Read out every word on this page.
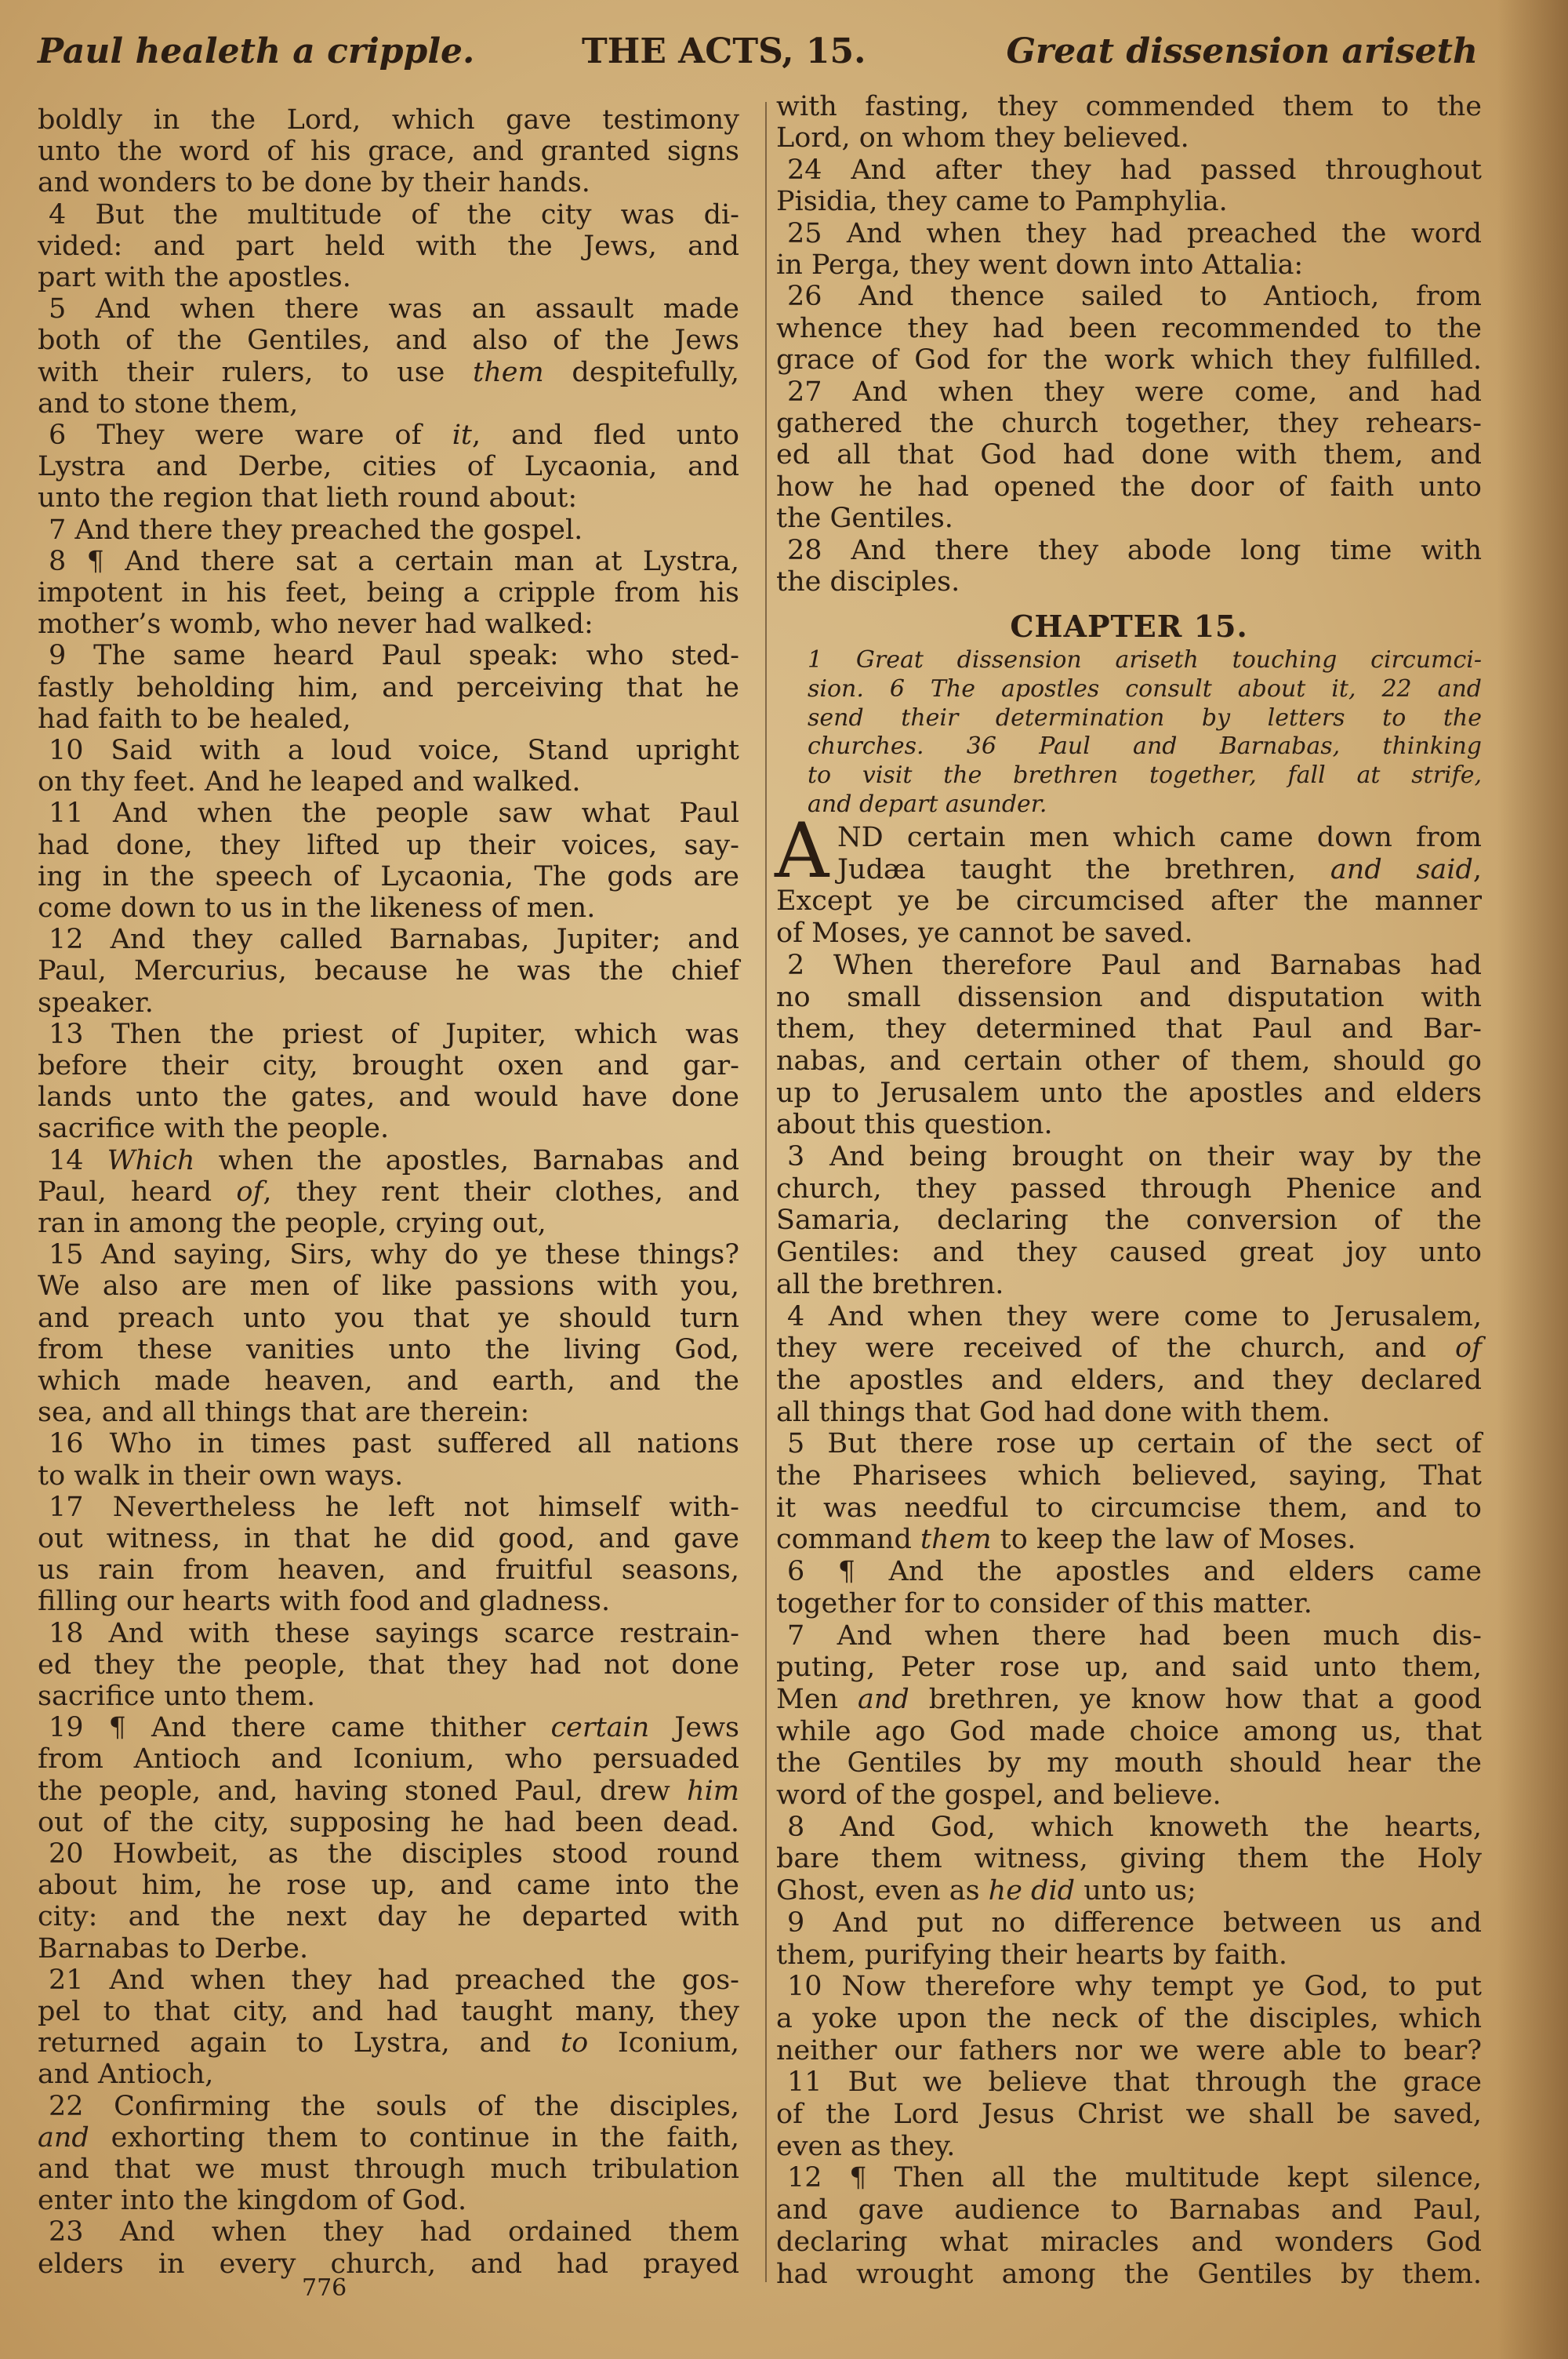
Paul healeth a cripple.	THE ACTS, 15.	Great dissension ariseth
boldly in the Lord, which gave testimony
unto the word of his grace, and granted signs
and wonders to be done by their hands.
4 But the multitude of the city was di-
vided: and part held with the Jews, and
part with the apostles.
5 And when there was an assault made
both of the Gentiles, and also of the Jews
with their rulers, to use them despitefully,
and to stone them,
6 They were ware of it, and fled unto
Lystra and Derbe, cities of Lycaonia, and
unto the region that lieth round about:
7 And there they preached the gospel.
8 ¶ And there sat a certain man at Lystra,
impotent in his feet, being a cripple from his
mother’s womb, who never had walked:
9 The same heard Paul speak: who sted-
fastly beholding him, and perceiving that he
had faith to be healed,
10 Said with a loud voice, Stand upright
on thy feet. And he leaped and walked.
11 And when the people saw what Paul
had done, they lifted up their voices, say-
ing in the speech of Lycaonia, The gods are
come down to us in the likeness of men.
12 And they called Barnabas, Jupiter; and
Paul, Mercurius, because he was the chief
speaker.
13 Then the priest of Jupiter, which was
before their city, brought oxen and gar-
lands unto the gates, and would have done
sacrifice with the people.
14 Which when the apostles, Barnabas and
Paul, heard of, they rent their clothes, and
ran in among the people, crying out,
15 And saying, Sirs, why do ye these things?
We also are men of like passions with you,
and preach unto you that ye should turn
from these vanities unto the living God,
which made heaven, and earth, and the
sea, and all things that are therein:
16 Who in times past suffered all nations
to walk in their own ways.
17 Nevertheless he left not himself with-
out witness, in that he did good, and gave
us rain from heaven, and fruitful seasons,
filling our hearts with food and gladness.
18 And with these sayings scarce restrain-
ed they the people, that they had not done
sacrifice unto them.
19 ¶ And there came thither certain Jews
from Antioch and Iconium, who persuaded
the people, and, having stoned Paul, drew him
out of the city, supposing he had been dead.
20 Howbeit, as the disciples stood round
about him, he rose up, and came into the
city: and the next day he departed with
Barnabas to Derbe.
21 And when they had preached the gos-
pel to that city, and had taught many, they
returned again to Lystra, and to Iconium,
and Antioch,
22 Confirming the souls of the disciples,
and exhorting them to continue in the faith,
and that we must through much tribulation
enter into the kingdom of God.
23 And when they had ordained them
elders in every church, and had prayed
with fasting, they commended them to the
Lord, on whom they believed.
24 And after they had passed throughout
Pisidia, they came to Pamphylia.
25 And when they had preached the word
in Perga, they went down into Attalia:
26 And thence sailed to Antioch, from
whence they had been recommended to the
grace of God for the work which they fulfilled.
27 And when they were come, and had
gathered the church together, they rehears-
ed all that God had done with them, and
how he had opened the door of faith unto
the Gentiles.
28 And there they abode long time with
the disciples.
CHAPTER 15.
1 Great dissension ariseth touching circumci-
sion. 6 The apostles consult about it, 22 and
send their determination by letters to the
churches. 36 Paul and Barnabas, thinking
to visit the brethren together, fall at strife,
and depart asunder.
A ND certain men which came down from
Judæa taught the brethren, and said,
Except ye be circumcised after the manner
of Moses, ye cannot be saved.
2 When therefore Paul and Barnabas had
no small dissension and disputation with
them, they determined that Paul and Bar-
nabas, and certain other of them, should go
up to Jerusalem unto the apostles and elders
about this question.
3 And being brought on their way by the
church, they passed through Phenice and
Samaria, declaring the conversion of the
Gentiles: and they caused great joy unto
all the brethren.
4 And when they were come to Jerusalem,
they were received of the church, and of
the apostles and elders, and they declared
all things that God had done with them.
5 But there rose up certain of the sect of
the Pharisees which believed, saying, That
it was needful to circumcise them, and to
command them to keep the law of Moses.
6 ¶ And the apostles and elders came
together for to consider of this matter.
7 And when there had been much dis-
puting, Peter rose up, and said unto them,
Men and brethren, ye know how that a good
while ago God made choice among us, that
the Gentiles by my mouth should hear the
word of the gospel, and believe.
8 And God, which knoweth the hearts,
bare them witness, giving them the Holy
Ghost, even as he did unto us;
9 And put no difference between us and
them, purifying their hearts by faith.
10 Now therefore why tempt ye God, to put
a yoke upon the neck of the disciples, which
neither our fathers nor we were able to bear?
11 But we believe that through the grace
of the Lord Jesus Christ we shall be saved,
even as they.
12 ¶ Then all the multitude kept silence,
and gave audience to Barnabas and Paul,
declaring what miracles and wonders God
had wrought among the Gentiles by them.
776
